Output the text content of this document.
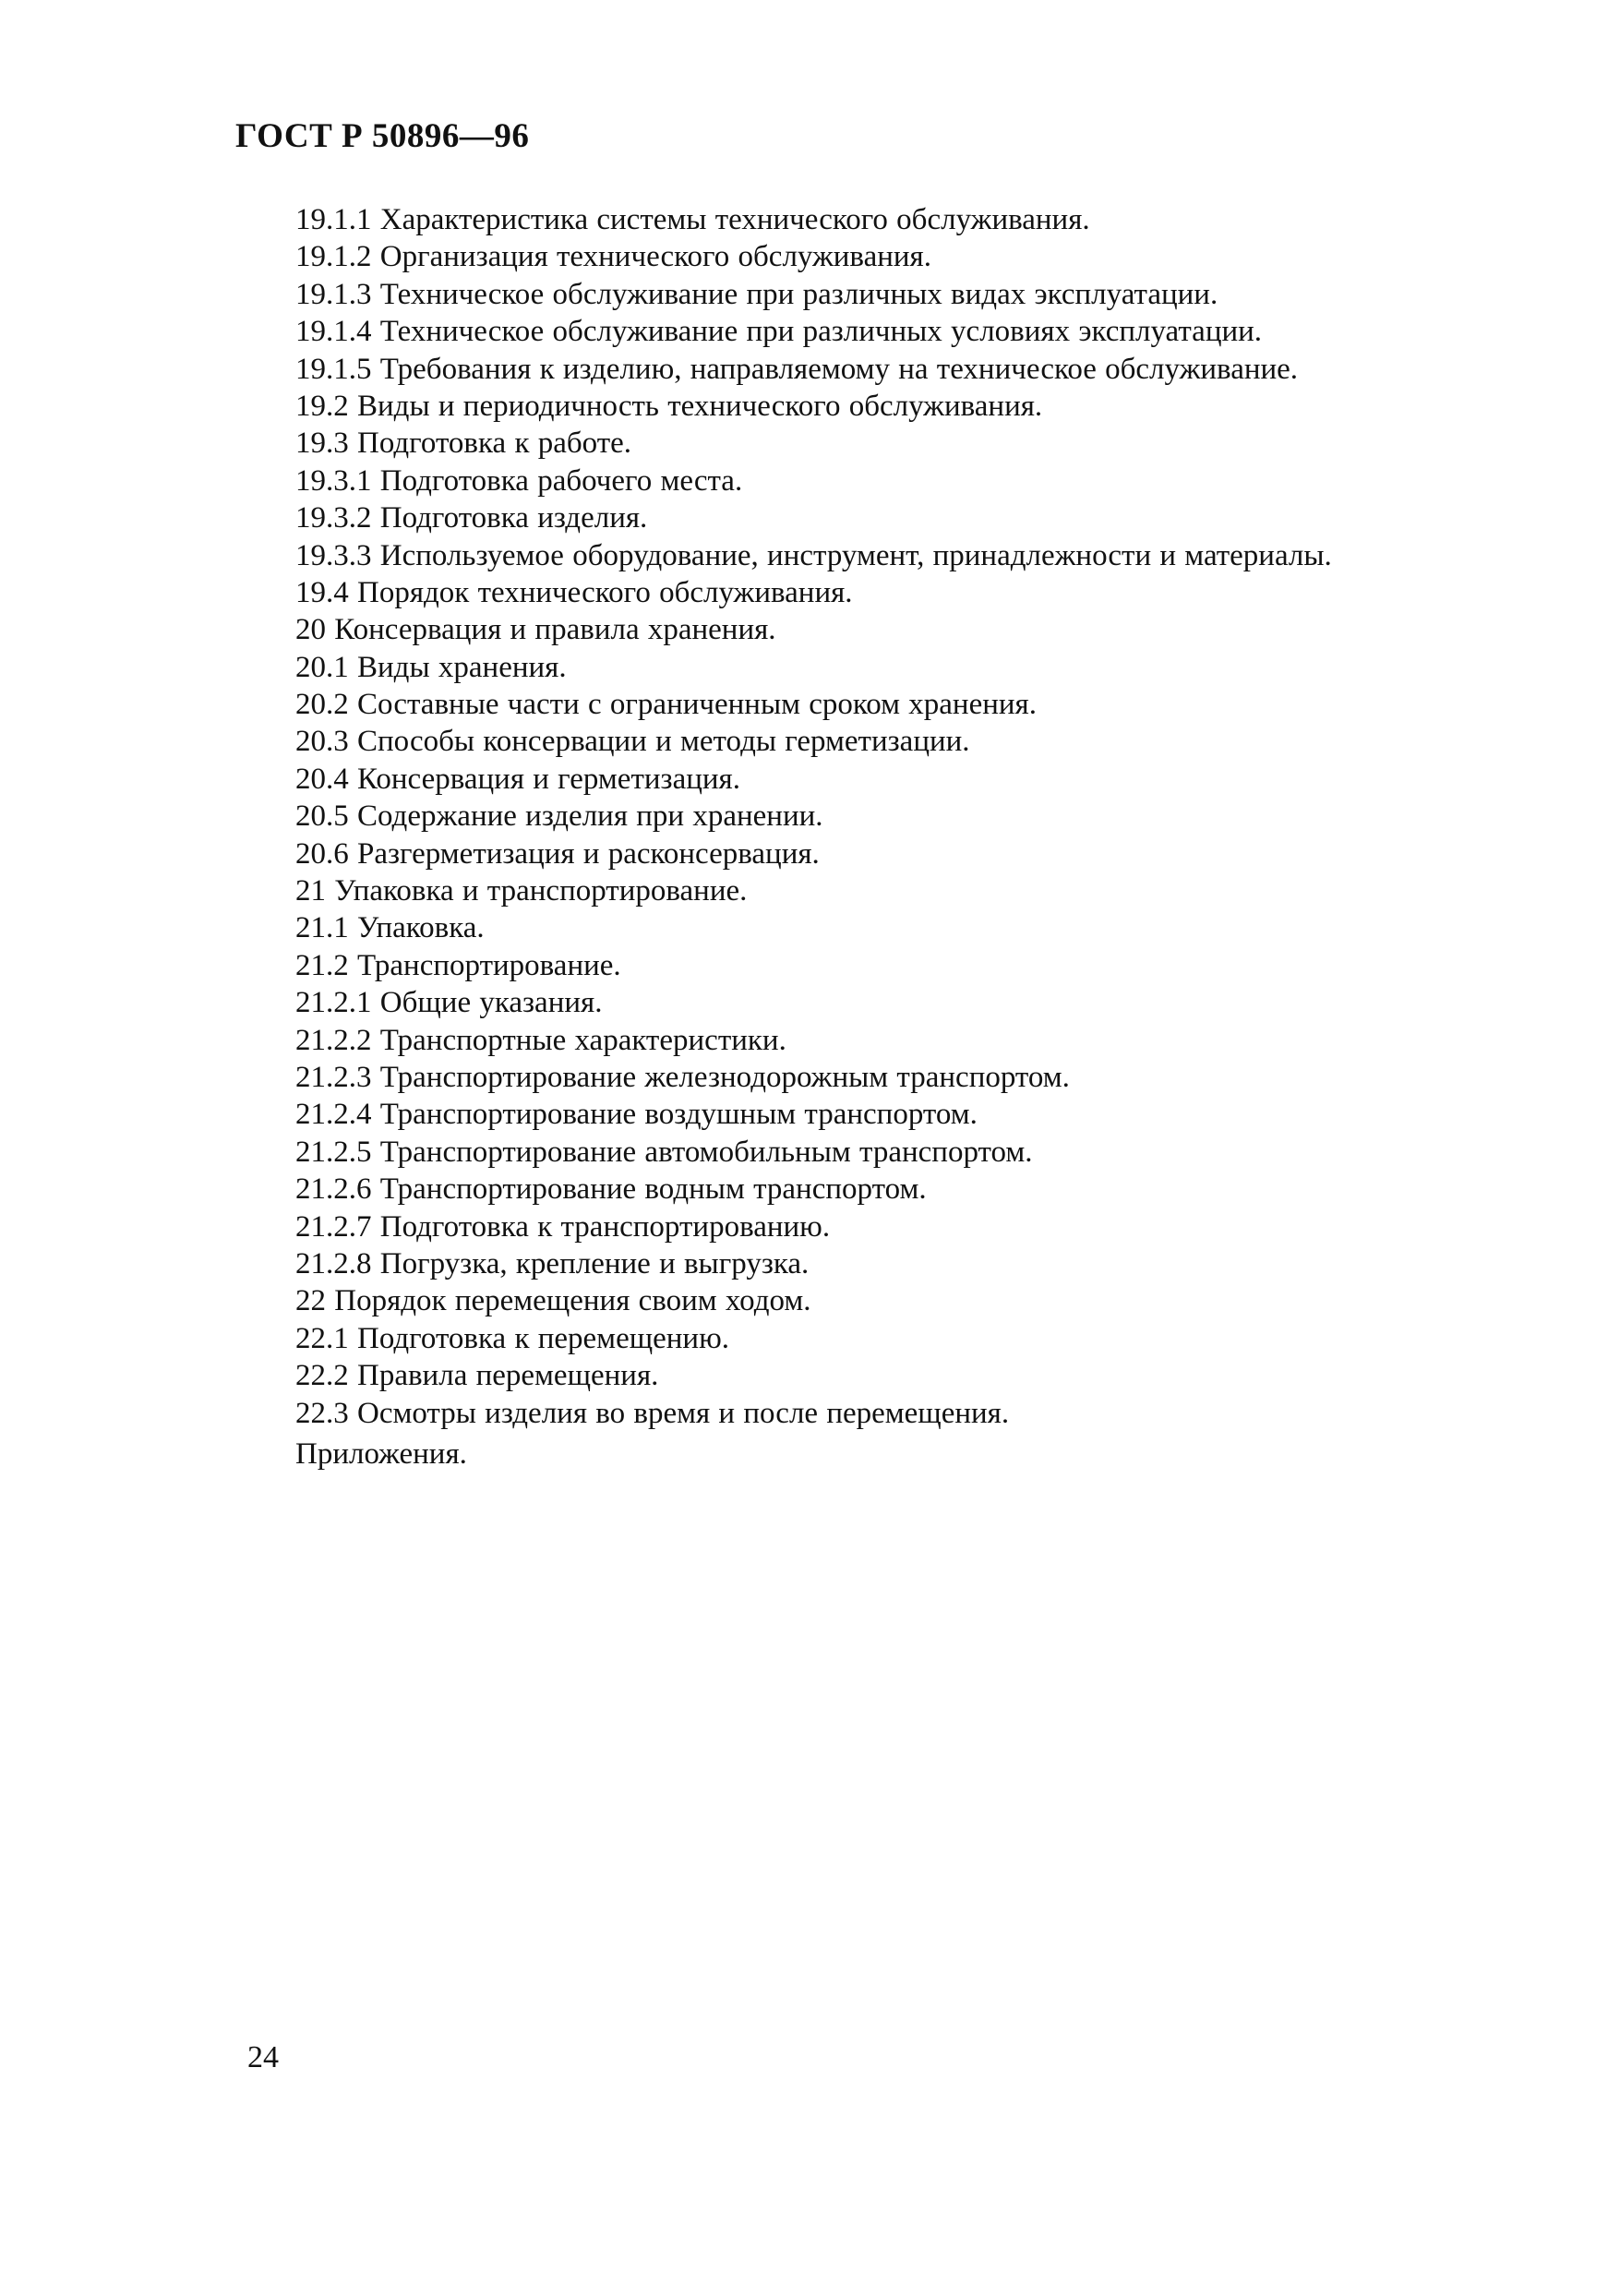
ГОСТ Р 50896—96
19.1.1 Характеристика системы технического обслуживания.
19.1.2 Организация технического обслуживания.
19.1.3 Техническое обслуживание при различных видах эксплуатации.
19.1.4 Техническое обслуживание при различных условиях эксплуатации.
19.1.5 Требования к изделию, направляемому на техническое обслуживание.
19.2 Виды и периодичность технического обслуживания.
19.3 Подготовка к работе.
19.3.1 Подготовка рабочего места.
19.3.2 Подготовка изделия.
19.3.3 Используемое оборудование, инструмент, принадлежности и материалы.
19.4 Порядок технического обслуживания.
20 Консервация и правила хранения.
20.1 Виды хранения.
20.2 Составные части с ограниченным сроком хранения.
20.3 Способы консервации и методы герметизации.
20.4 Консервация и герметизация.
20.5 Содержание изделия при хранении.
20.6 Разгерметизация и расконсервация.
21 Упаковка и транспортирование.
21.1 Упаковка.
21.2 Транспортирование.
21.2.1 Общие указания.
21.2.2 Транспортные характеристики.
21.2.3 Транспортирование железнодорожным транспортом.
21.2.4 Транспортирование воздушным транспортом.
21.2.5 Транспортирование автомобильным транспортом.
21.2.6 Транспортирование водным транспортом.
21.2.7 Подготовка к транспортированию.
21.2.8 Погрузка, крепление и выгрузка.
22 Порядок перемещения своим ходом.
22.1 Подготовка к перемещению.
22.2 Правила перемещения.
22.3 Осмотры изделия во время и после перемещения.
Приложения.
24
